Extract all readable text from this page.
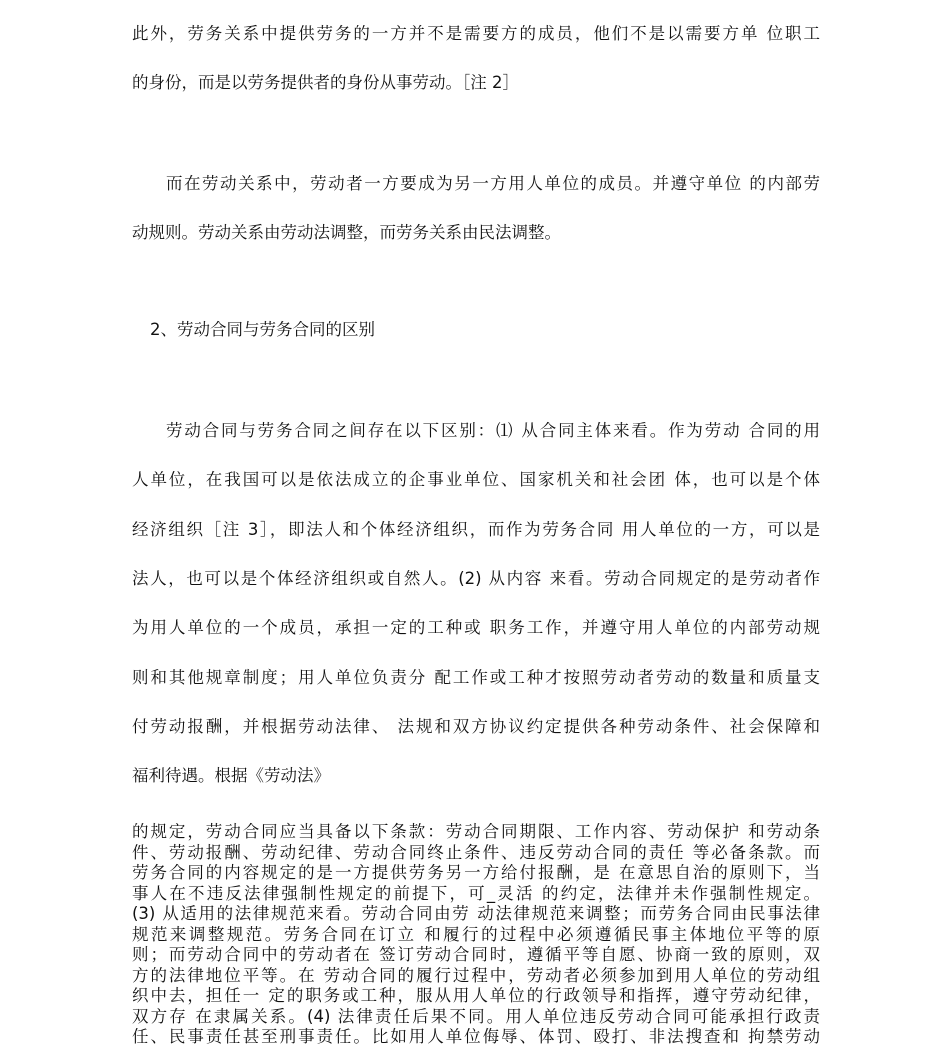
此外，劳务关系中提供劳务的一方并不是需要方的成员，他们不是以需要方单 位职工
的身份，而是以劳务提供者的身份从事劳动。［注 2］
而在劳动关系中，劳动者一方要成为另一方用人单位的成员。并遵守单位 的内部劳
动规则。劳动关系由劳动法调整，而劳务关系由民法调整。
2、劳动合同与劳务合同的区别
劳动合同与劳务合同之间存在以下区别：⑴ 从合同主体来看。作为劳动 合同的用
人单位，在我国可以是依法成立的企事业单位、国家机关和社会团 体，也可以是个体
经济组织［注 3］，即法人和个体经济组织，而作为劳务合同 用人单位的一方，可以是
法人，也可以是个体经济组织或自然人。(2) 从内容 来看。劳动合同规定的是劳动者作
为用人单位的一个成员，承担一定的工种或 职务工作，并遵守用人单位的内部劳动规
则和其他规章制度；用人单位负责分 配工作或工种才按照劳动者劳动的数量和质量支
付劳动报酬，并根据劳动法律、 法规和双方协议约定提供各种劳动条件、社会保障和
福利待遇。根据《劳动法》
的规定，劳动合同应当具备以下条款：劳动合同期限、工作内容、劳动保护 和劳动条
件、劳动报酬、劳动纪律、劳动合同终止条件、违反劳动合同的责任 等必备条款。而
劳务合同的内容规定的是一方提供劳务另一方给付报酬，是 在意思自治的原则下，当
事人在不违反法律强制性规定的前提下，可_灵活 的约定，法律并未作强制性规定。
(3) 从适用的法律规范来看。劳动合同由劳 动法律规范来调整；而劳务合同由民事法律
规范来调整规范。劳务合同在订立 和履行的过程中必须遵循民事主体地位平等的原
则；而劳动合同中的劳动者在 签订劳动合同时，遵循平等自愿、协商一致的原则，双
方的法律地位平等。在 劳动合同的履行过程中，劳动者必须参加到用人单位的劳动组
织中去，担任一 定的职务或工种，服从用人单位的行政领导和指挥，遵守劳动纪律，
双方存 在隶属关系。(4) 法律责任后果不同。用人单位违反劳动合同可能承担行政责
任、民事责任甚至刑事责任。比如用人单位侮辱、体罚、殴打、非法搜查和 拘禁劳动
